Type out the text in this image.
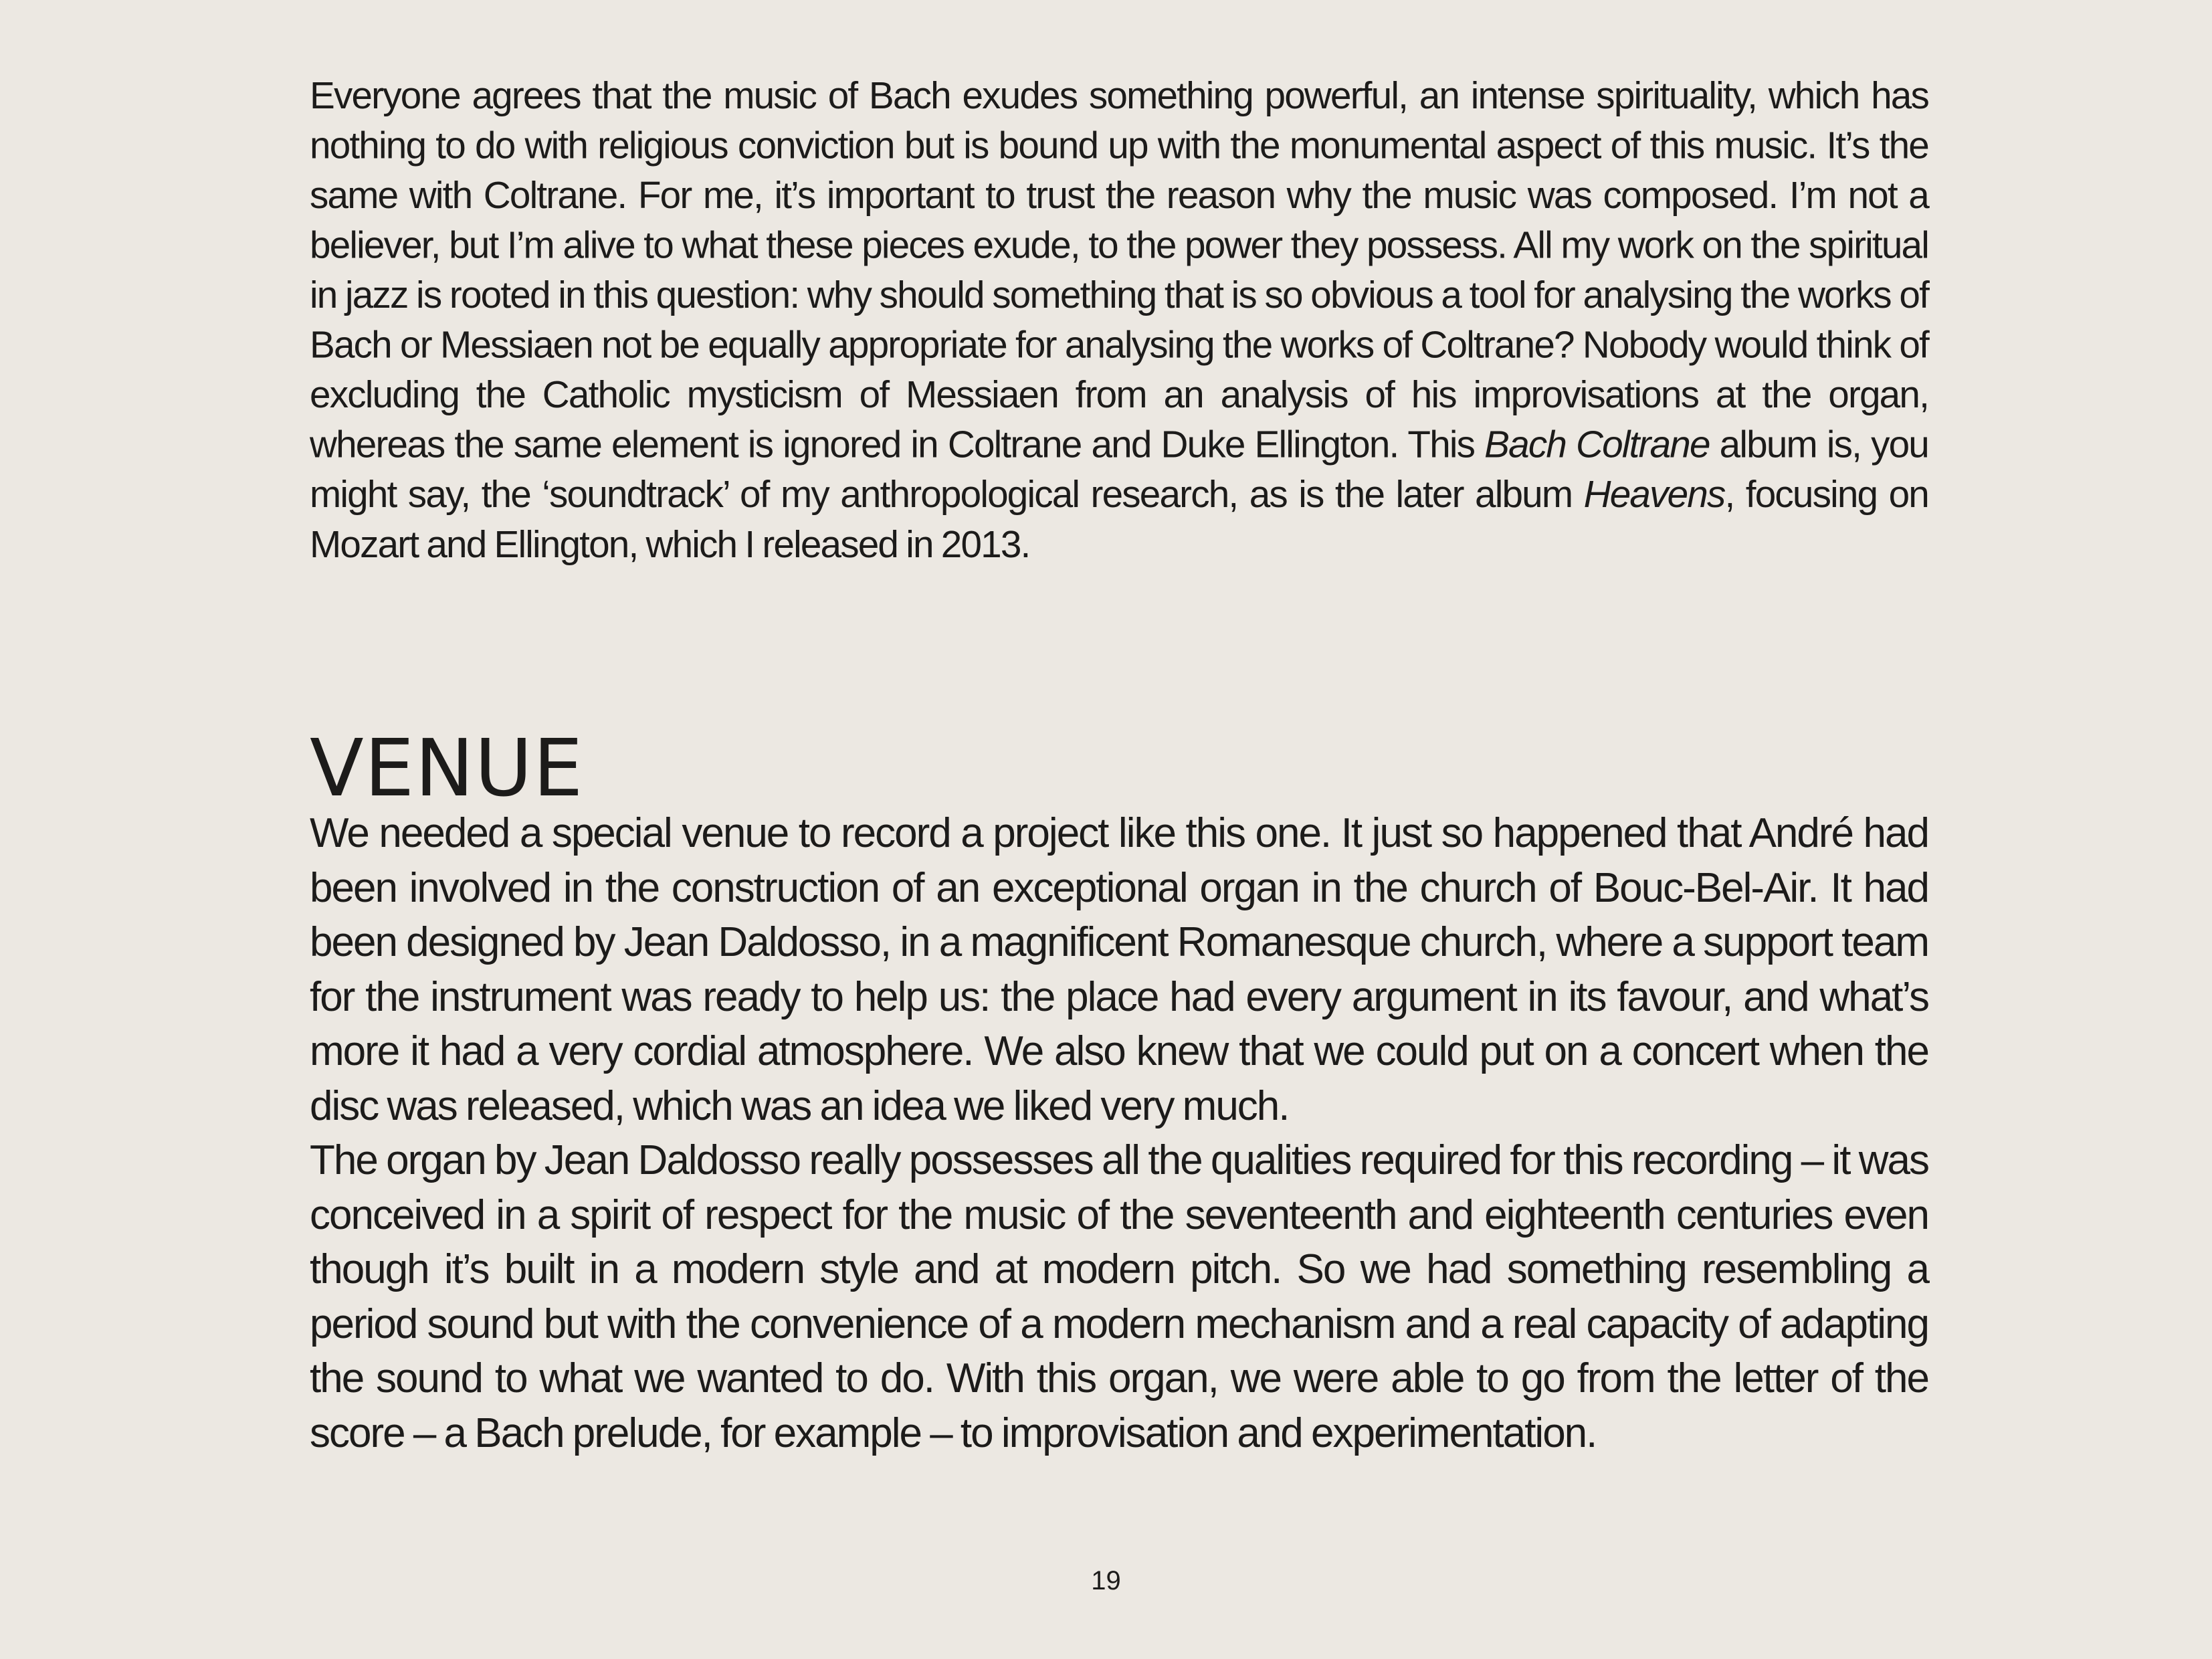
Everyone agrees that the music of Bach exudes something powerful, an intense spirituality, which has nothing to do with religious conviction but is bound up with the monumental aspect of this music. It’s the same with Coltrane. For me, it’s important to trust the reason why the music was composed. I’m not a believer, but I’m alive to what these pieces exude, to the power they possess. All my work on the spiritual in jazz is rooted in this question: why should something that is so obvious a tool for analysing the works of Bach or Messiaen not be equally appropriate for analysing the works of Coltrane? Nobody would think of excluding the Catholic mysticism of Messiaen from an analysis of his improvisations at the organ, whereas the same element is ignored in Coltrane and Duke Ellington. This Bach Coltrane album is, you might say, the ‘soundtrack’ of my anthropological research, as is the later album Heavens, focusing on Mozart and Ellington, which I released in 2013.

VENUE

We needed a special venue to record a project like this one. It just so happened that André had been involved in the construction of an exceptional organ in the church of Bouc-Bel-Air. It had been designed by Jean Daldosso, in a magnificent Romanesque church, where a support team for the instrument was ready to help us: the place had every argument in its favour, and what’s more it had a very cordial atmosphere. We also knew that we could put on a concert when the disc was released, which was an idea we liked very much.

The organ by Jean Daldosso really possesses all the qualities required for this recording – it was conceived in a spirit of respect for the music of the seventeenth and eighteenth centuries even though it’s built in a modern style and at modern pitch. So we had something resembling a period sound but with the convenience of a modern mechanism and a real capacity of adapting the sound to what we wanted to do. With this organ, we were able to go from the letter of the score – a Bach prelude, for example – to improvisation and experimentation.

19
